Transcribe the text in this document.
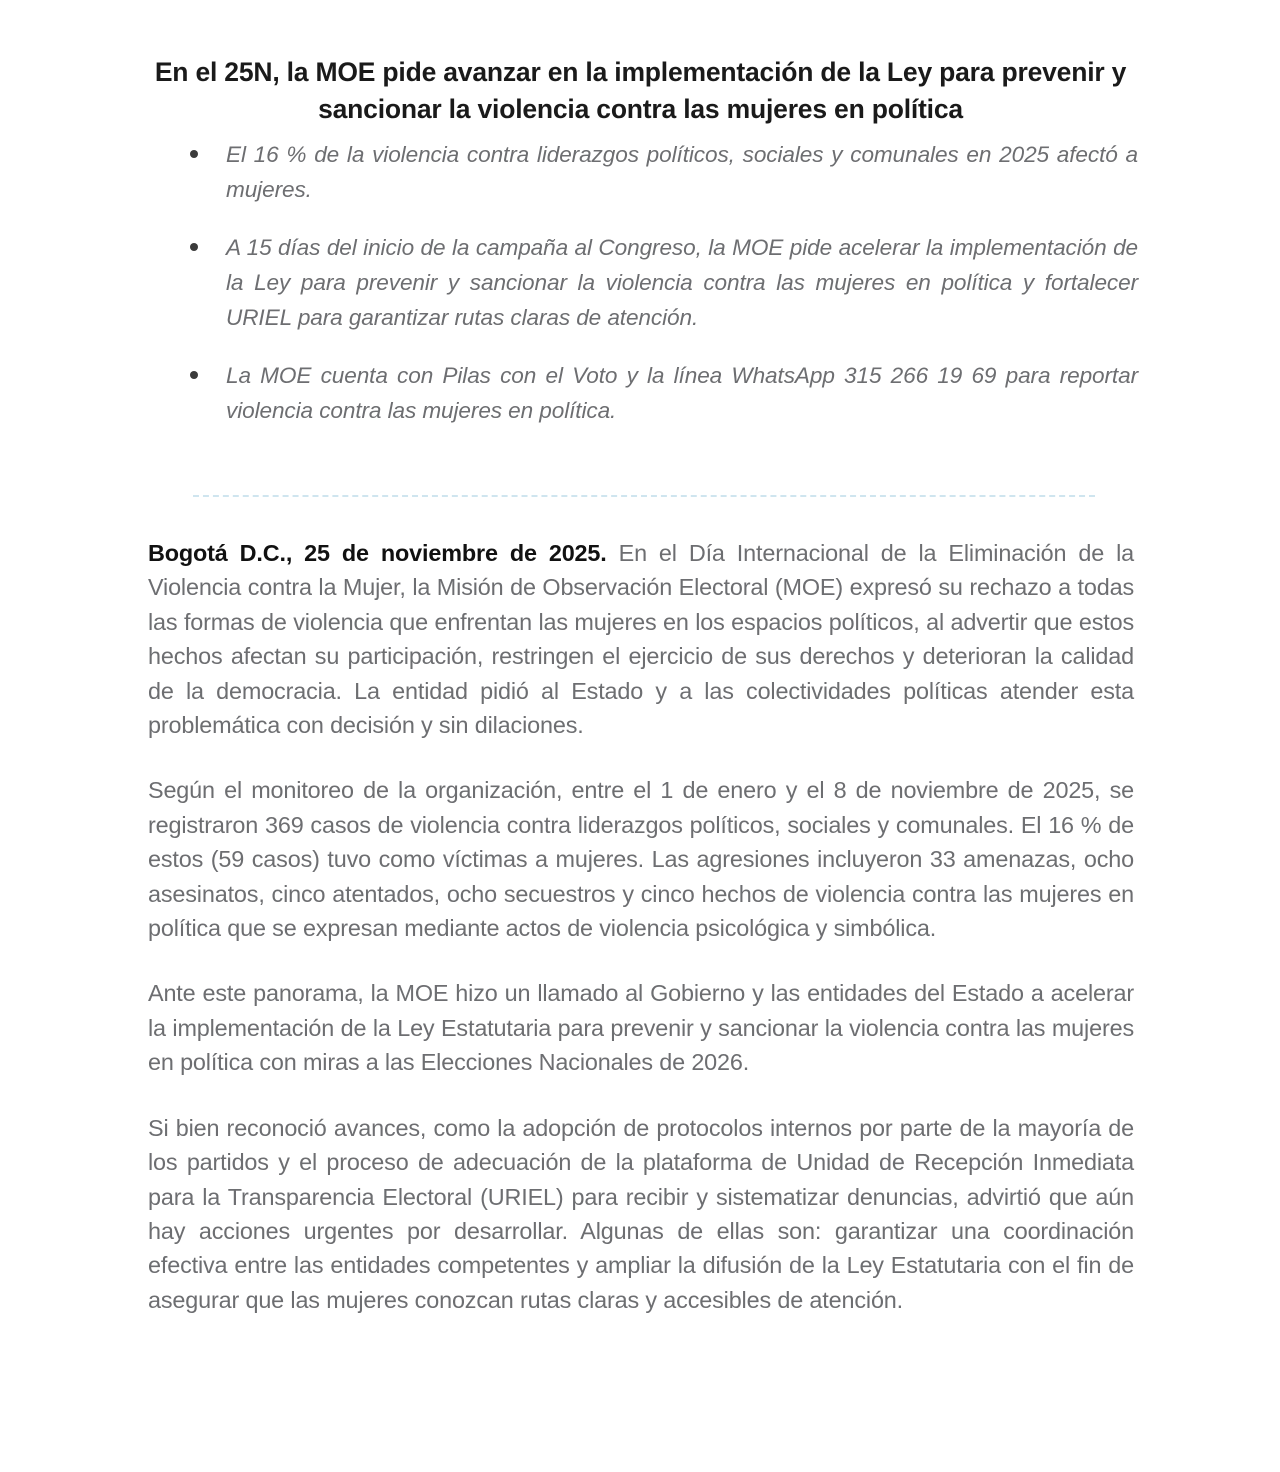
En el 25N, la MOE pide avanzar en la implementación de la Ley para prevenir y sancionar la violencia contra las mujeres en política
El 16 % de la violencia contra liderazgos políticos, sociales y comunales en 2025 afectó a mujeres.
A 15 días del inicio de la campaña al Congreso, la MOE pide acelerar la implementación de la Ley para prevenir y sancionar la violencia contra las mujeres en política y fortalecer URIEL para garantizar rutas claras de atención.
La MOE cuenta con Pilas con el Voto y la línea WhatsApp 315 266 19 69 para reportar violencia contra las mujeres en política.

Bogotá D.C., 25 de noviembre de 2025. En el Día Internacional de la Eliminación de la Violencia contra la Mujer, la Misión de Observación Electoral (MOE) expresó su rechazo a todas las formas de violencia que enfrentan las mujeres en los espacios políticos, al advertir que estos hechos afectan su participación, restringen el ejercicio de sus derechos y deterioran la calidad de la democracia. La entidad pidió al Estado y a las colectividades políticas atender esta problemática con decisión y sin dilaciones.

Según el monitoreo de la organización, entre el 1 de enero y el 8 de noviembre de 2025, se registraron 369 casos de violencia contra liderazgos políticos, sociales y comunales. El 16 % de estos (59 casos) tuvo como víctimas a mujeres. Las agresiones incluyeron 33 amenazas, ocho asesinatos, cinco atentados, ocho secuestros y cinco hechos de violencia contra las mujeres en política que se expresan mediante actos de violencia psicológica y simbólica.

Ante este panorama, la MOE hizo un llamado al Gobierno y las entidades del Estado a acelerar la implementación de la Ley Estatutaria para prevenir y sancionar la violencia contra las mujeres en política con miras a las Elecciones Nacionales de 2026.

Si bien reconoció avances, como la adopción de protocolos internos por parte de la mayoría de los partidos y el proceso de adecuación de la plataforma de Unidad de Recepción Inmediata para la Transparencia Electoral (URIEL) para recibir y sistematizar denuncias, advirtió que aún hay acciones urgentes por desarrollar. Algunas de ellas son: garantizar una coordinación efectiva entre las entidades competentes y ampliar la difusión de la Ley Estatutaria con el fin de asegurar que las mujeres conozcan rutas claras y accesibles de atención.
